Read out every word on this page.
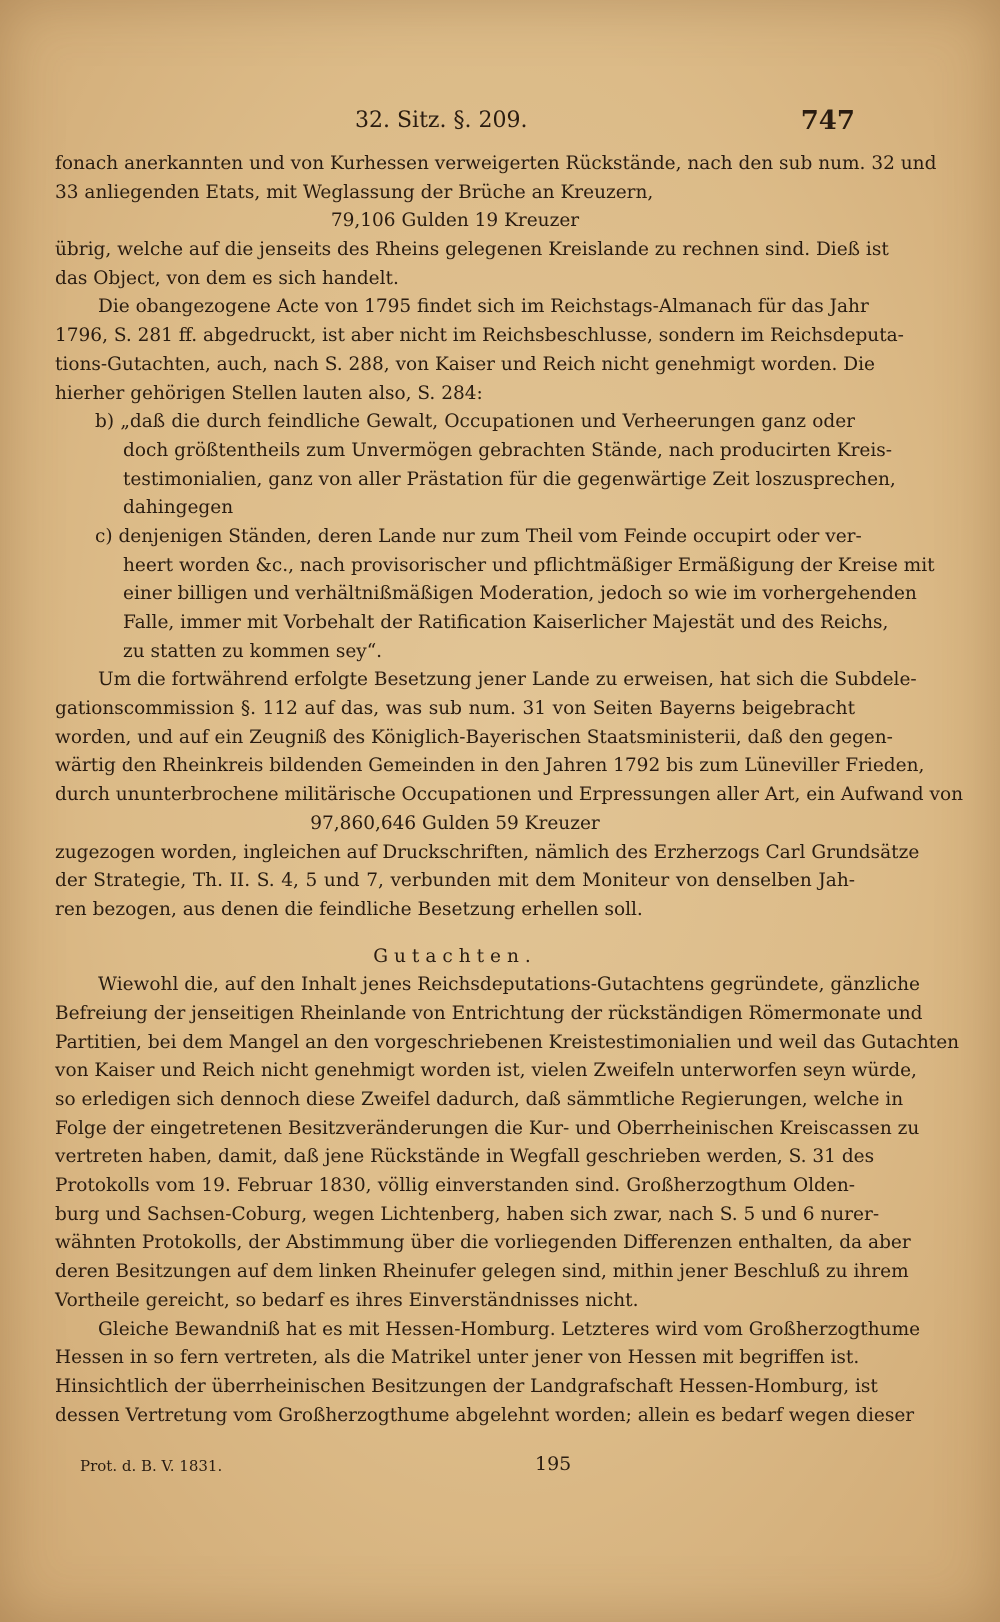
32. Sitz. §. 209.	747
fonach anerkannten und von Kurhessen verweigerten Rückstände, nach den sub num. 32 und
33 anliegenden Etats, mit Weglassung der Brüche an Kreuzern,
79,106 Gulden 19 Kreuzer
übrig, welche auf die jenseits des Rheins gelegenen Kreislande zu rechnen sind. Dieß ist
das Object, von dem es sich handelt.
Die obangezogene Acte von 1795 findet sich im Reichstags-Almanach für das Jahr
1796, S. 281 ff. abgedruckt, ist aber nicht im Reichsbeschlusse, sondern im Reichsdeputa-
tions-Gutachten, auch, nach S. 288, von Kaiser und Reich nicht genehmigt worden. Die
hierher gehörigen Stellen lauten also, S. 284:
b) „daß die durch feindliche Gewalt, Occupationen und Verheerungen ganz oder
doch größtentheils zum Unvermögen gebrachten Stände, nach producirten Kreis-
testimonialien, ganz von aller Prästation für die gegenwärtige Zeit loszusprechen,
dahingegen
c) denjenigen Ständen, deren Lande nur zum Theil vom Feinde occupirt oder ver-
heert worden &c., nach provisorischer und pflichtmäßiger Ermäßigung der Kreise mit
einer billigen und verhältnißmäßigen Moderation, jedoch so wie im vorhergehenden
Falle, immer mit Vorbehalt der Ratification Kaiserlicher Majestät und des Reichs,
zu statten zu kommen sey“.
Um die fortwährend erfolgte Besetzung jener Lande zu erweisen, hat sich die Subdele-
gationscommission §. 112 auf das, was sub num. 31 von Seiten Bayerns beigebracht
worden, und auf ein Zeugniß des Königlich-Bayerischen Staatsministerii, daß den gegen-
wärtig den Rheinkreis bildenden Gemeinden in den Jahren 1792 bis zum Lüneviller Frieden,
durch ununterbrochene militärische Occupationen und Erpressungen aller Art, ein Aufwand von
97,860,646 Gulden 59 Kreuzer
zugezogen worden, ingleichen auf Druckschriften, nämlich des Erzherzogs Carl Grundsätze
der Strategie, Th. II. S. 4, 5 und 7, verbunden mit dem Moniteur von denselben Jah-
ren bezogen, aus denen die feindliche Besetzung erhellen soll.
Gutachten.
Wiewohl die, auf den Inhalt jenes Reichsdeputations-Gutachtens gegründete, gänzliche
Befreiung der jenseitigen Rheinlande von Entrichtung der rückständigen Römermonate und
Partitien, bei dem Mangel an den vorgeschriebenen Kreistestimonialien und weil das Gutachten
von Kaiser und Reich nicht genehmigt worden ist, vielen Zweifeln unterworfen seyn würde,
so erledigen sich dennoch diese Zweifel dadurch, daß sämmtliche Regierungen, welche in
Folge der eingetretenen Besitzveränderungen die Kur- und Oberrheinischen Kreiscassen zu
vertreten haben, damit, daß jene Rückstände in Wegfall geschrieben werden, S. 31 des
Protokolls vom 19. Februar 1830, völlig einverstanden sind. Großherzogthum Olden-
burg und Sachsen-Coburg, wegen Lichtenberg, haben sich zwar, nach S. 5 und 6 nurer-
wähnten Protokolls, der Abstimmung über die vorliegenden Differenzen enthalten, da aber
deren Besitzungen auf dem linken Rheinufer gelegen sind, mithin jener Beschluß zu ihrem
Vortheile gereicht, so bedarf es ihres Einverständnisses nicht.
Gleiche Bewandniß hat es mit Hessen-Homburg. Letzteres wird vom Großherzogthume
Hessen in so fern vertreten, als die Matrikel unter jener von Hessen mit begriffen ist.
Hinsichtlich der überrheinischen Besitzungen der Landgrafschaft Hessen-Homburg, ist
dessen Vertretung vom Großherzogthume abgelehnt worden; allein es bedarf wegen dieser
Prot. d. B. V. 1831.	195
